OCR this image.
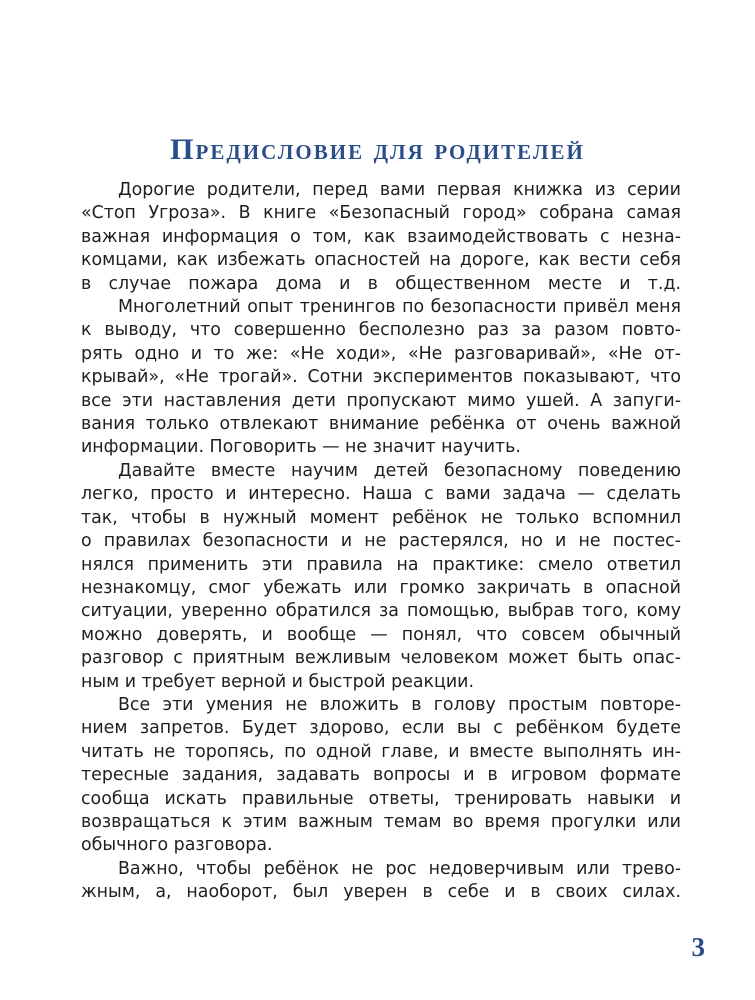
Предисловие для родителей

Дорогие родители, перед вами первая книжка из серии
«Стоп Угроза». В книге «Безопасный город» собрана самая
важная информация о том, как взаимодействовать с незна-
комцами, как избежать опасностей на дороге, как вести себя
в случае пожара дома и в общественном месте и т.д.

Многолетний опыт тренингов по безопасности привёл меня
к выводу, что совершенно бесполезно раз за разом повто-
рять одно и то же: «Не ходи», «Не разговаривай», «Не от-
крывай», «Не трогай». Сотни экспериментов показывают, что
все эти наставления дети пропускают мимо ушей. А запуги-
вания только отвлекают внимание ребёнка от очень важной
информации. Поговорить — не значит научить.

Давайте вместе научим детей безопасному поведению
легко, просто и интересно. Наша с вами задача — сделать
так, чтобы в нужный момент ребёнок не только вспомнил
о правилах безопасности и не растерялся, но и не постес-
нялся применить эти правила на практике: смело ответил
незнакомцу, смог убежать или громко закричать в опасной
ситуации, уверенно обратился за помощью, выбрав того, кому
можно доверять, и вообще — понял, что совсем обычный
разговор с приятным вежливым человеком может быть опас-
ным и требует верной и быстрой реакции.

Все эти умения не вложить в голову простым повторе-
нием запретов. Будет здорово, если вы с ребёнком будете
читать не торопясь, по одной главе, и вместе выполнять ин-
тересные задания, задавать вопросы и в игровом формате
сообща искать правильные ответы, тренировать навыки и
возвращаться к этим важным темам во время прогулки или
обычного разговора.

Важно, чтобы ребёнок не рос недоверчивым или трево-
жным, а, наоборот, был уверен в себе и в своих силах.

3
